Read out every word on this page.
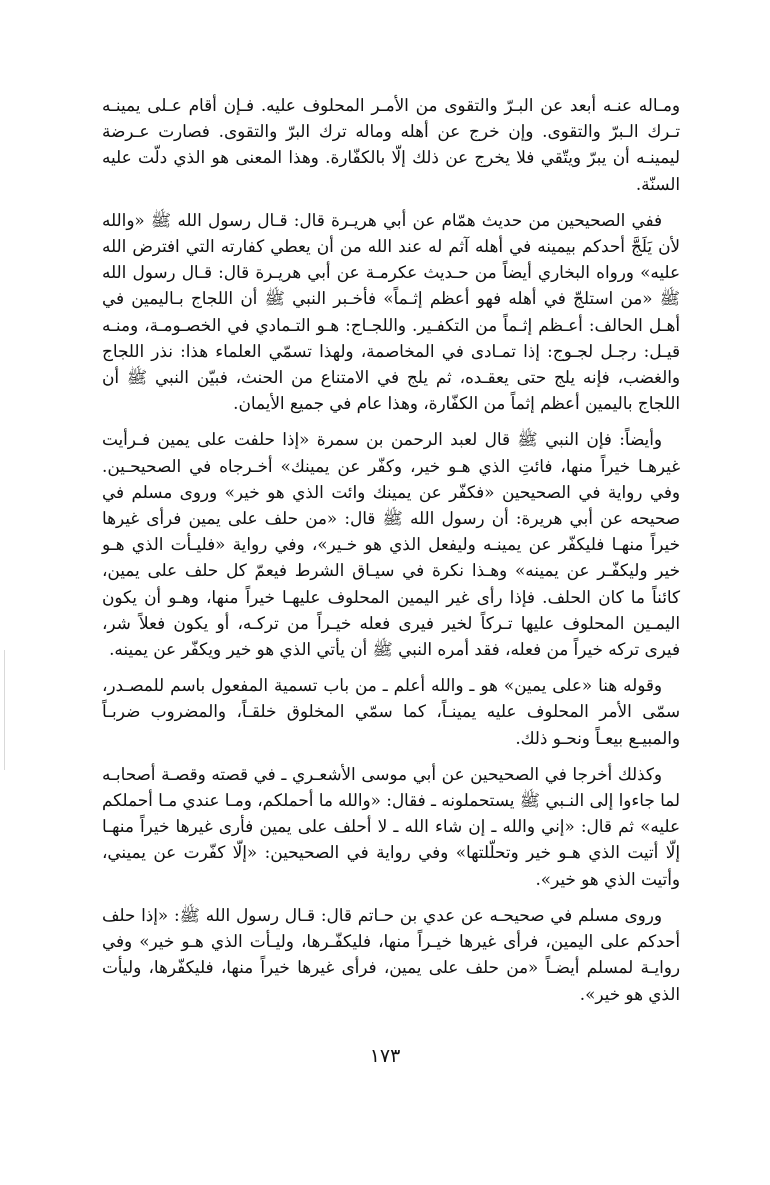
ومـاله عنـه أبعد عن البـرّ والتقوى من الأمـر المحلوف عليه. فـإن أقام عـلى يمينـه تـرك الـبرّ والتقوى. وإن خرج عن أهله وماله ترك البرّ والتقوى. فصارت عـرضة ليمينـه أن يبرّ ويتّقي فلا يخرج عن ذلك إلّا بالكفّارة. وهذا المعنى هو الذي دلّت عليه السنّة.

ففي الصحيحين من حديث همّام عن أبي هريـرة قال: قـال رسول الله ﷺ «والله لأن يَلَجَّ أحدكم بيمينه في أهله آثم له عند الله من أن يعطي كفارته التي افترض الله عليه» ورواه البخاري أيضاً من حـديث عكرمـة عن أبي هريـرة قال: قـال رسول الله ﷺ «من استلجّ في أهله فهو أعظم إثـماً» فأخـبر النبي ﷺ أن اللجاج بـاليمين في أهـل الحالف: أعـظم إثـماً من التكفـير. واللجـاج: هـو التـمادي في الخصـومـة، ومنـه قيـل: رجـل لجـوج: إذا تمـادى في المخاصمة، ولهذا تسمّي العلماء هذا: نذر اللجاج والغضب، فإنه يلج حتى يعقـده، ثم يلج في الامتناع من الحنث، فبيّن النبي ﷺ أن اللجاج باليمين أعظم إثماً من الكفّارة، وهذا عام في جميع الأيمان.

وأيضاً: فإن النبي ﷺ قال لعبد الرحمن بن سمرة «إذا حلفت على يمين فـرأيت غيرهـا خيراً منها، فائتِ الذي هـو خير، وكفّر عن يمينك» أخـرجاه في الصحيحـين. وفي رواية في الصحيحين «فكفّر عن يمينك وائت الذي هو خير» وروى مسلم في صحيحه عن أبي هريرة: أن رسول الله ﷺ قال: «من حلف على يمين فرأى غيرها خيراً منهـا فليكفّر عن يمينـه وليفعل الذي هو خـير»، وفي رواية «فليـأت الذي هـو خير وليكفّـر عن يمينه» وهـذا نكرة في سيـاق الشرط فيعمّ كل حلف على يمين، كائناً ما كان الحلف. فإذا رأى غير اليمين المحلوف عليهـا خيراً منها، وهـو أن يكون اليمـين المحلوف عليها تـركاً لخير فيرى فعله خيـراً من تركـه، أو يكون فعلاً شر، فيرى تركه خيراً من فعله، فقد أمره النبي ﷺ أن يأتي الذي هو خير ويكفّر عن يمينه.

وقوله هنا «على يمين» هو ـ والله أعلم ـ من باب تسمية المفعول باسم للمصـدر، سمّى الأمر المحلوف عليه يمينـاً، كما سمّي المخلوق خلقـاً، والمضروب ضربـاً والمبيـع بيعـاً ونحـو ذلك.

وكذلك أخرجا في الصحيحين عن أبي موسى الأشعـري ـ في قصته وقصـة أصحابـه لما جاءوا إلى النـبي ﷺ يستحملونه ـ فقال: «والله ما أحملكم، ومـا عندي مـا أحملكم عليه» ثم قال: «إني والله ـ إن شاء الله ـ لا أحلف على يمين فأرى غيرها خيراً منهـا إلّا أتيت الذي هـو خير وتحلّلتها» وفي رواية في الصحيحين: «إلّا كفّرت عن يميني، وأتيت الذي هو خير».

وروى مسلم في صحيحـه عن عدي بن حـاتم قال: قـال رسول الله ﷺ: «إذا حلف أحدكم على اليمين، فرأى غيرها خيـراً منها، فليكفّـرها، وليـأت الذي هـو خير» وفي روايـة لمسلم أيضـاً «من حلف على يمين، فرأى غيرها خيراً منها، فليكفّرها، وليأت الذي هو خير».

١٧٣
